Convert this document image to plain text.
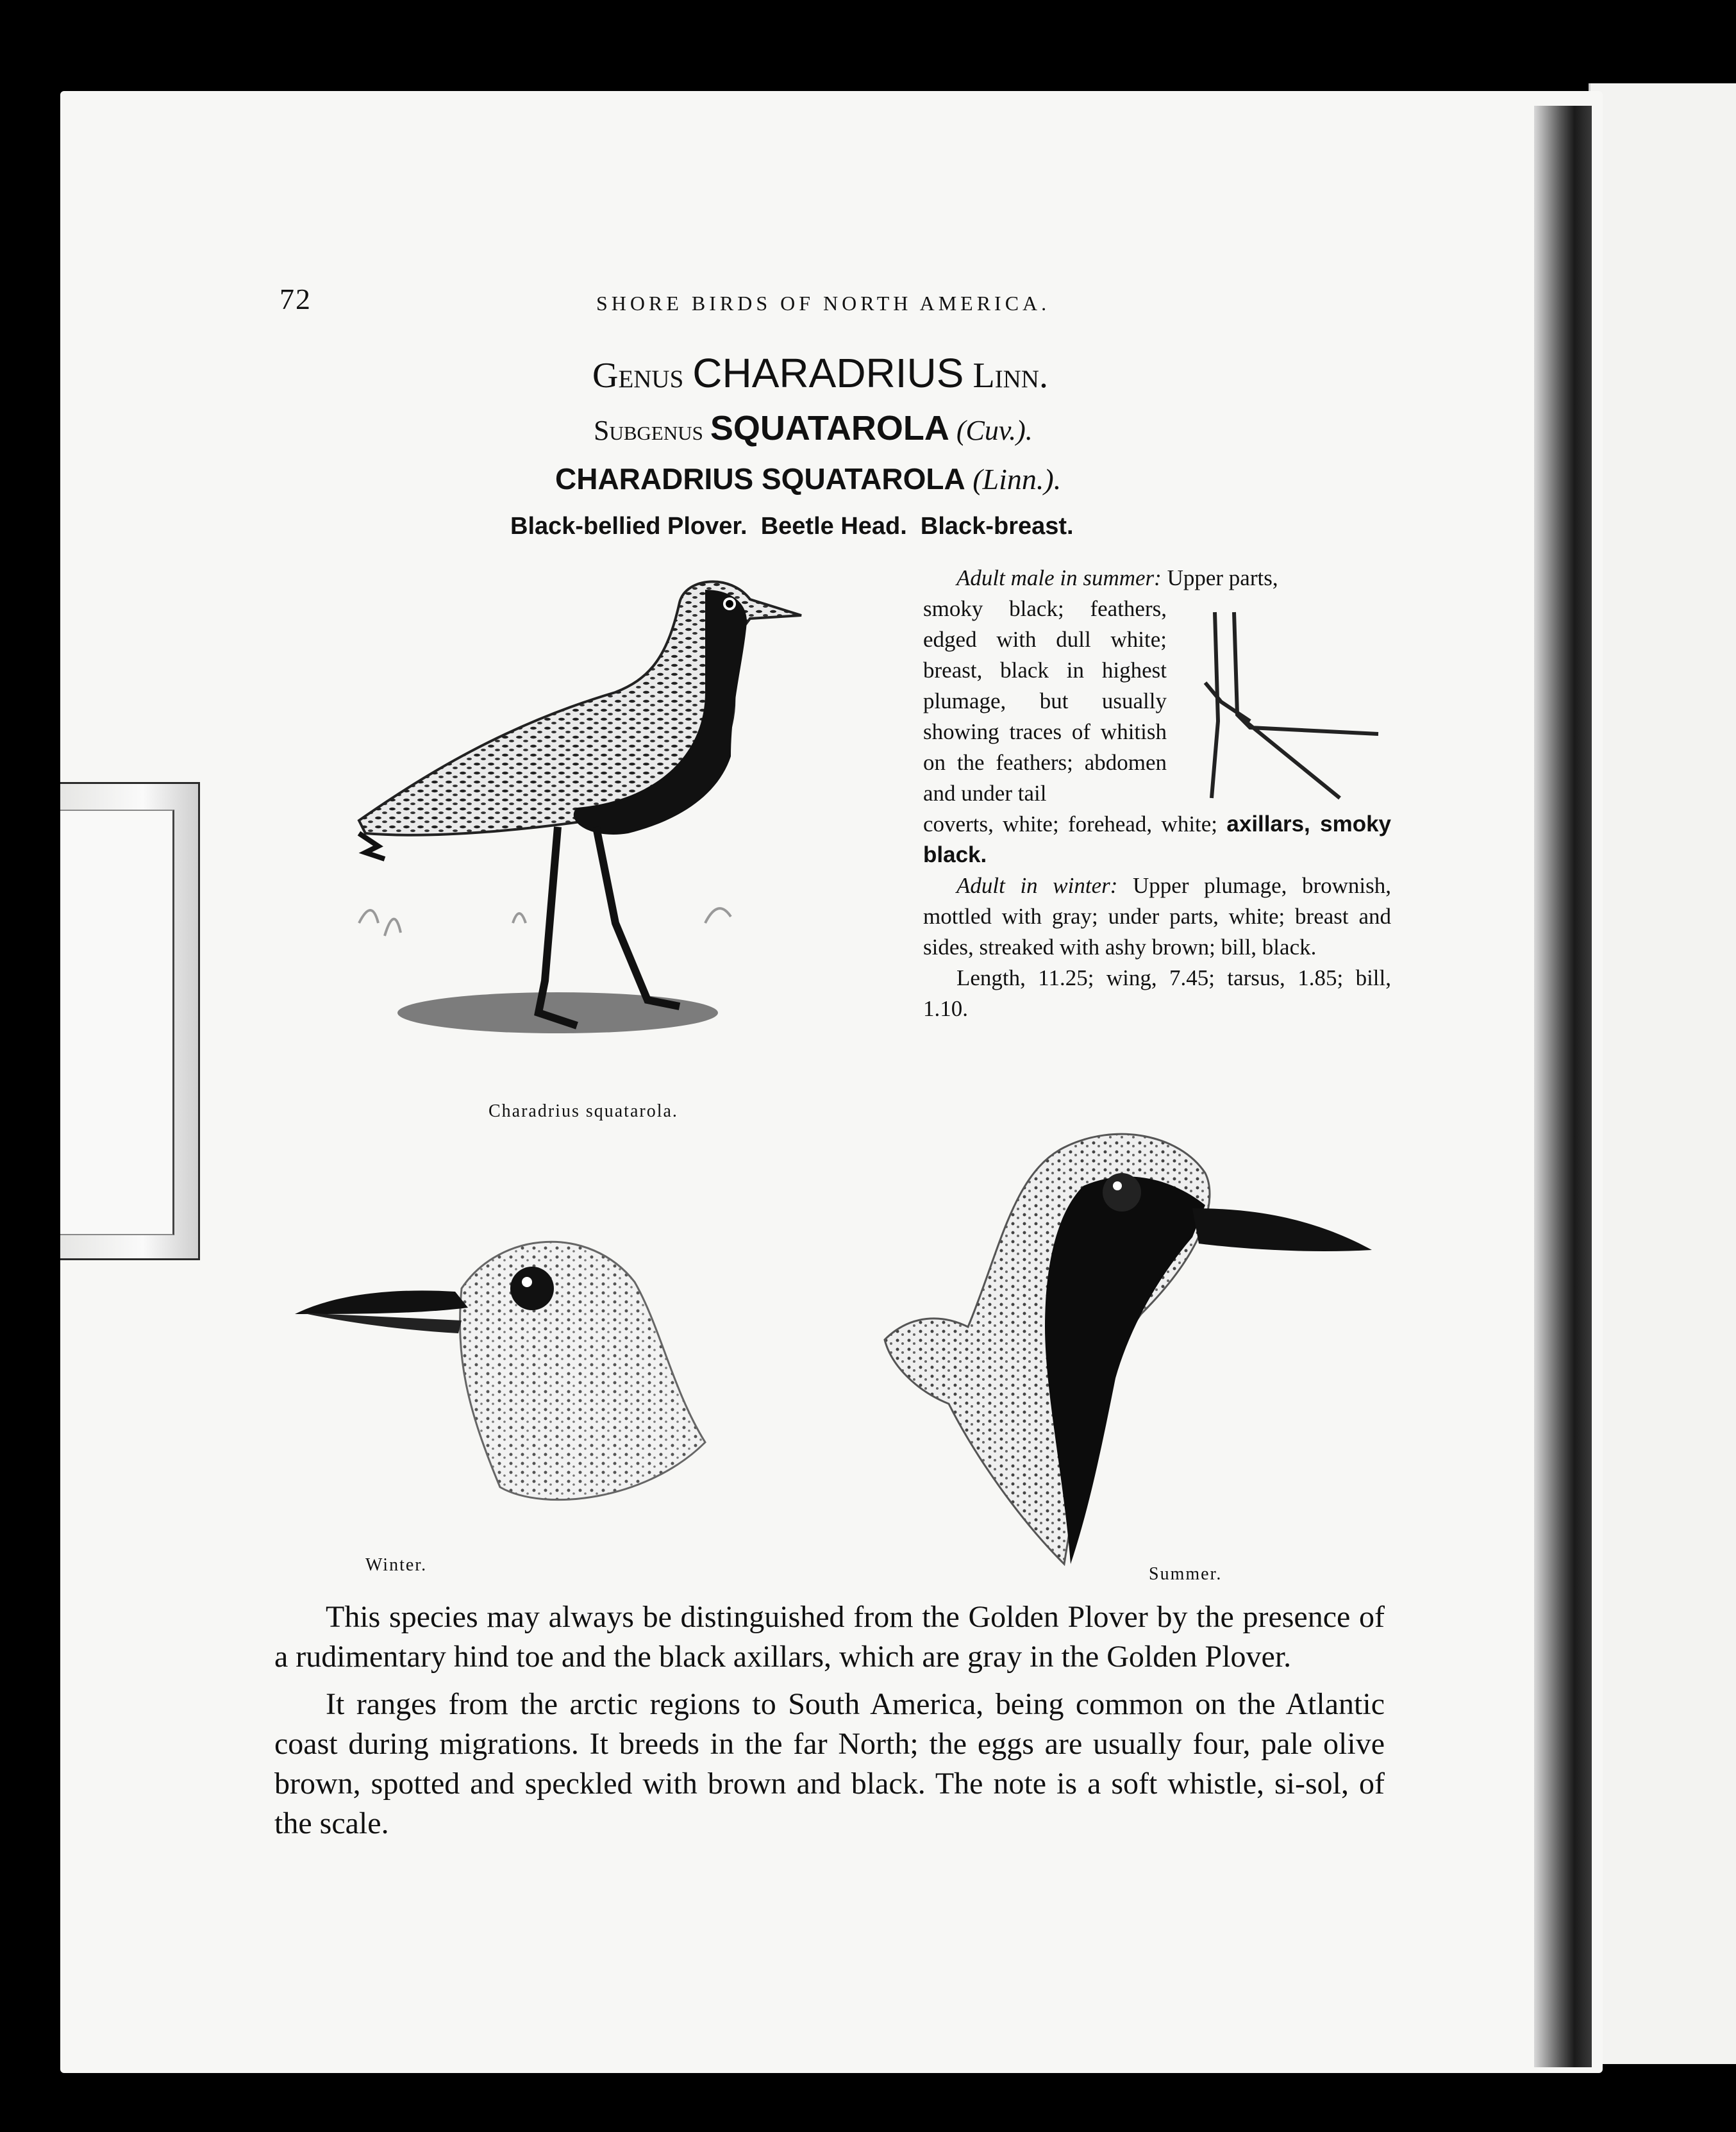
72	SHORE BIRDS OF NORTH AMERICA.
Genus CHARADRIUS Linn.
Subgenus SQUATAROLA (Cuv.).
CHARADRIUS SQUATAROLA (Linn.).
Black-bellied Plover.  Beetle Head.  Black-breast.

Adult male in summer: Upper parts,

smoky black; feathers, edged with dull white; breast, black in highest plumage, but usually showing traces of whitish on the feathers; abdomen and under tail

coverts, white; forehead, white; axillars, smoky black.

Adult in winter: Upper plumage, brownish, mottled with gray; under parts, white; breast and sides, streaked with ashy brown; bill, black.

Length, 11.25; wing, 7.45; tarsus, 1.85; bill, 1.10.

Charadrius squatarola.
Winter.	Summer.

This species may always be distinguished from the Golden Plover by the presence of a rudimentary hind toe and the black axillars, which are gray in the Golden Plover.

It ranges from the arctic regions to South America, being common on the Atlantic coast during migrations. It breeds in the far North; the eggs are usually four, pale olive brown, spotted and speckled with brown and black. The note is a soft whistle, si-sol, of the scale.
